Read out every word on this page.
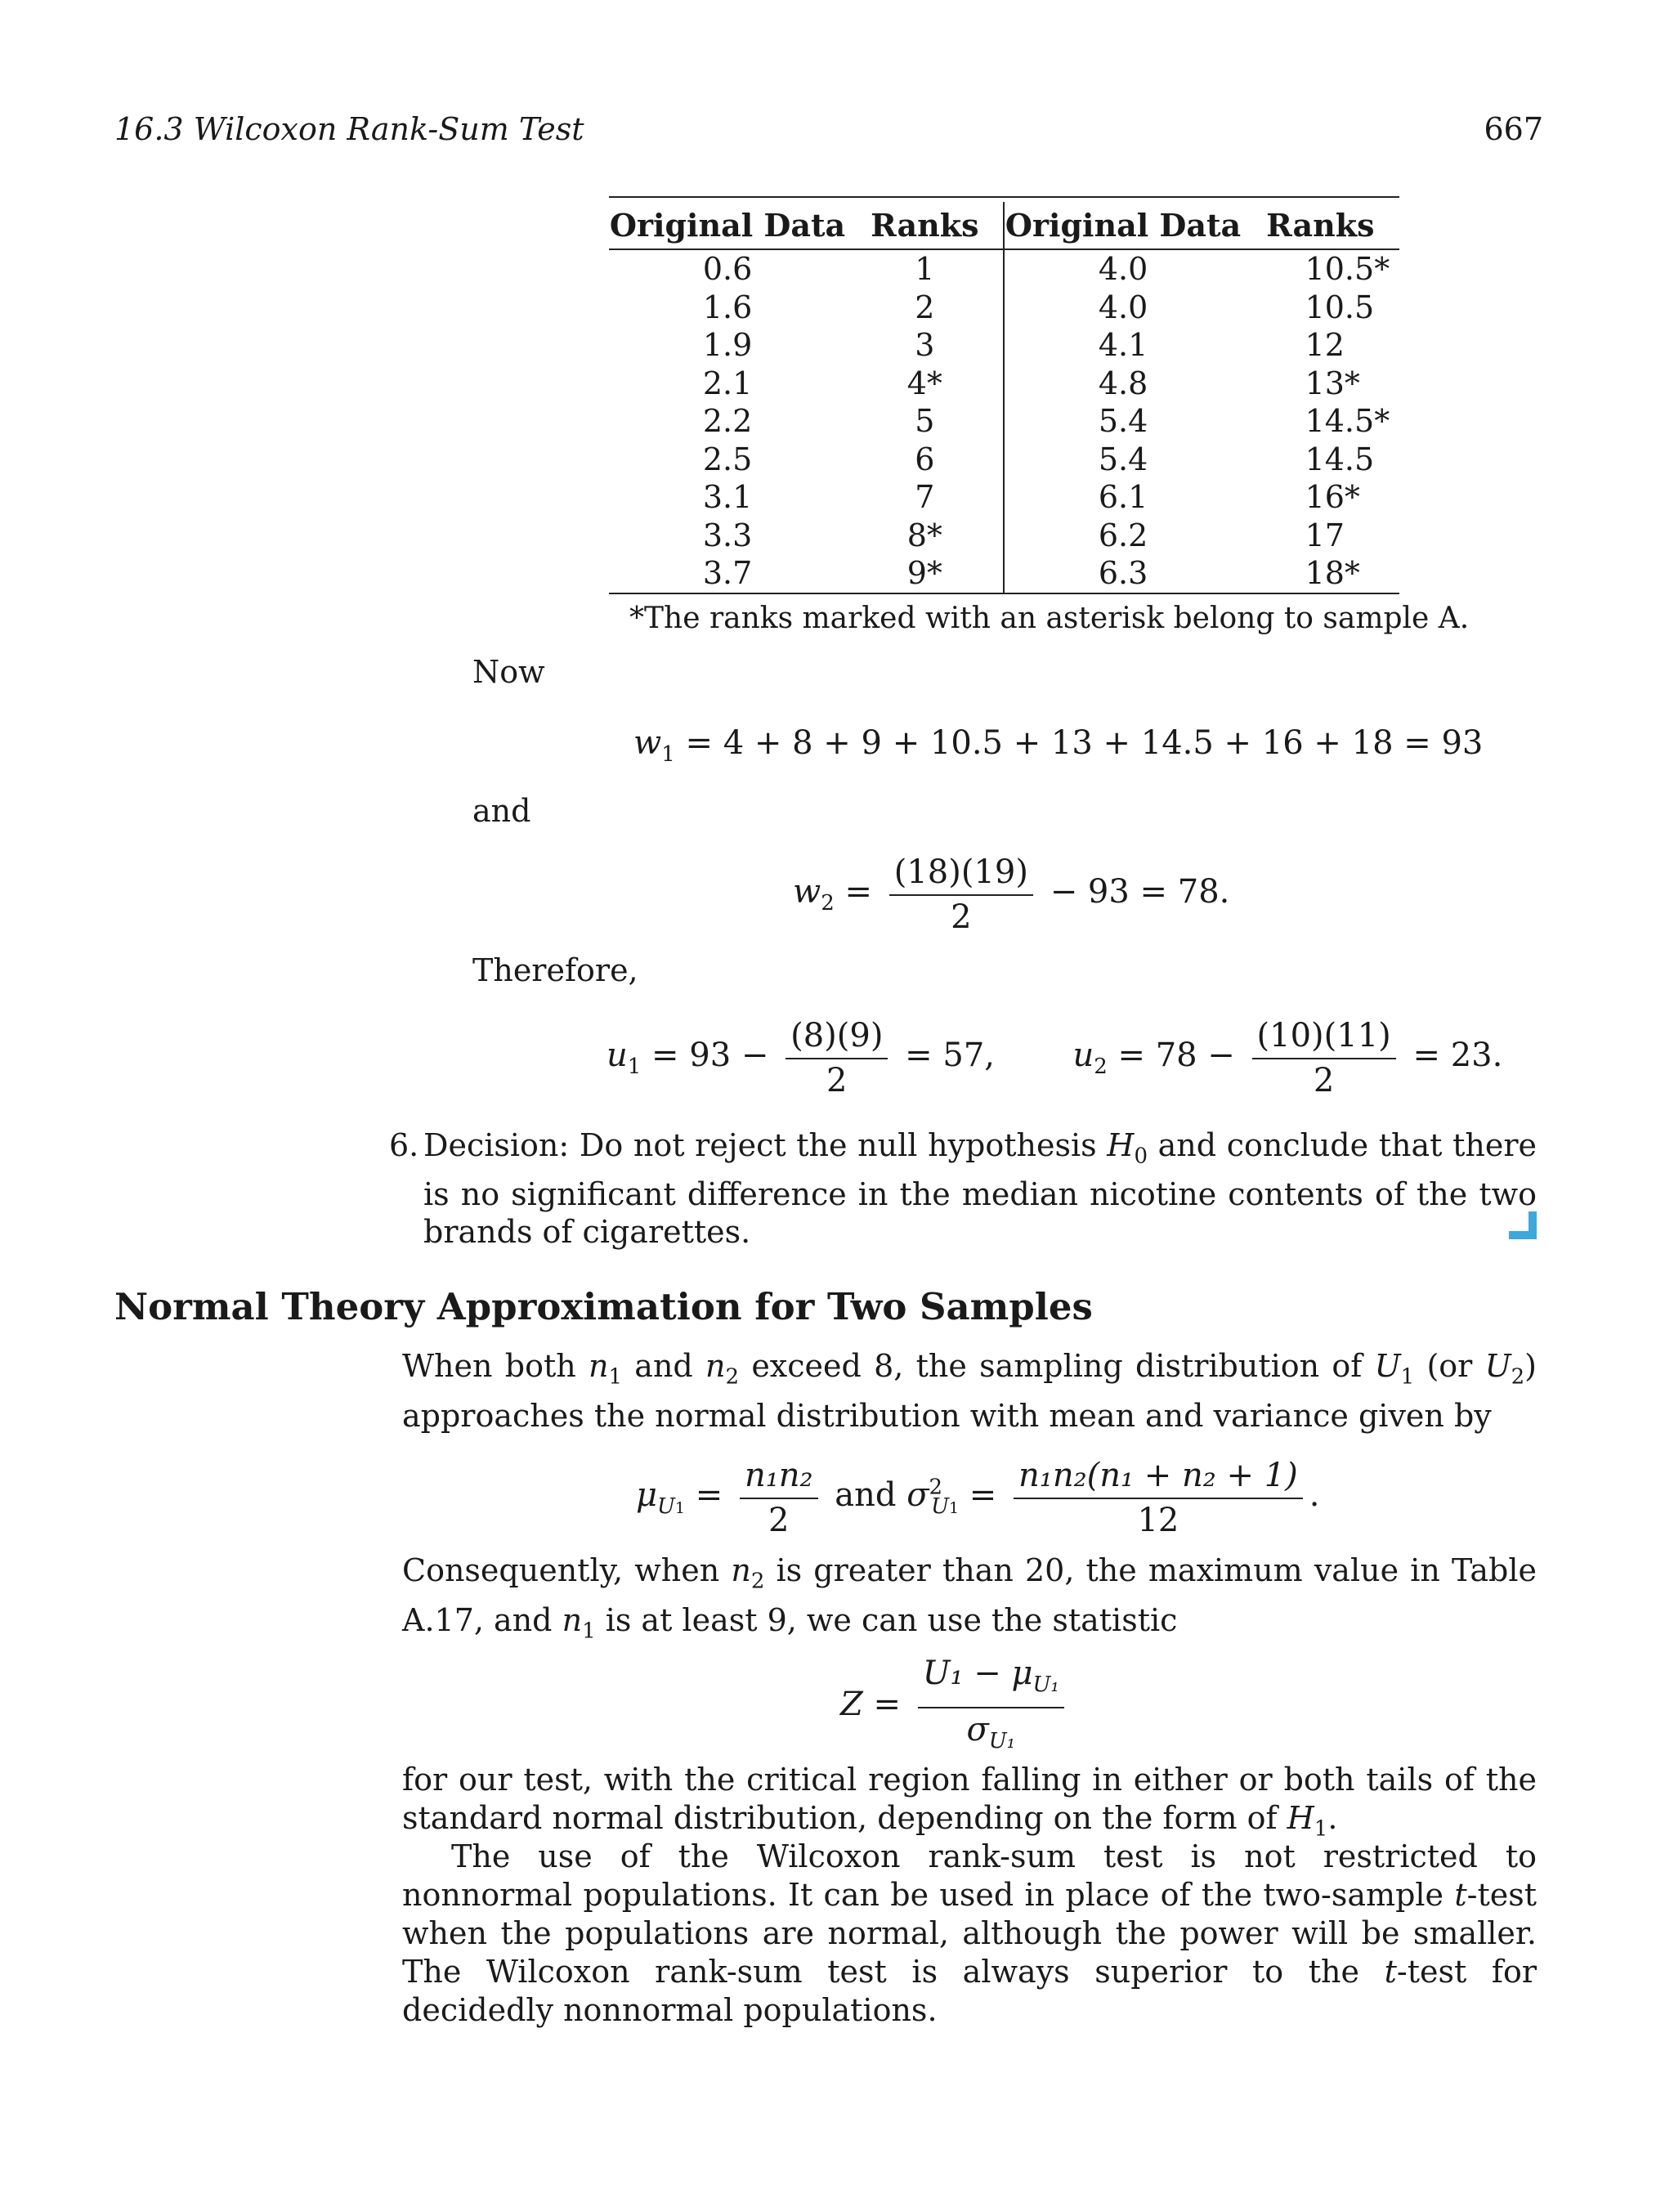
16.3 Wilcoxon Rank-Sum Test	667
Original Data	Ranks	Original Data	Ranks
0.6	1	4.0	10.5*
1.6	2	4.0	10.5
1.9	3	4.1	12
2.1	4*	4.8	13*
2.2	5	5.4	14.5*
2.5	6	5.4	14.5
3.1	7	6.1	16*
3.3	8*	6.2	17
3.7	9*	6.3	18*
*The ranks marked with an asterisk belong to sample A.
Now
$w_1 = 4 + 8 + 9 + 10.5 + 13 + 14.5 + 16 + 18 = 93$
and
$w_2 = \frac{(18)(19)}{2} - 93 = 78$.
Therefore,
$u_1 = 93 - \frac{(8)(9)}{2} = 57$, $u_2 = 78 - \frac{(10)(11)}{2} = 23$.
6. Decision: Do not reject the null hypothesis $H_0$ and conclude that there is no significant difference in the median nicotine contents of the two brands of cigarettes.
Normal Theory Approximation for Two Samples
When both $n_1$ and $n_2$ exceed 8, the sampling distribution of $U_1$ (or $U_2$) approaches the normal distribution with mean and variance given by
$\mu_{U1} = \frac{\text{n₁n₂}}{2}$ and $\sigma^2_{U1} = \frac{\text{n₁n₂(n₁ + n₂ + 1)}}{12}$ .
Consequently, when $n_2$ is greater than 20, the maximum value in Table A.17, and $n_1$ is at least 9, we can use the statistic
$Z = \frac{U_1 - \mu_{U_1}}{\sigma_{U_1}}$
for our test, with the critical region falling in either or both tails of the standard normal distribution, depending on the form of $H_1$.
The use of the Wilcoxon rank-sum test is not restricted to nonnormal populations. It can be used in place of the two-sample t-test when the populations are normal, although the power will be smaller. The Wilcoxon rank-sum test is always superior to the t-test for decidedly nonnormal populations.
